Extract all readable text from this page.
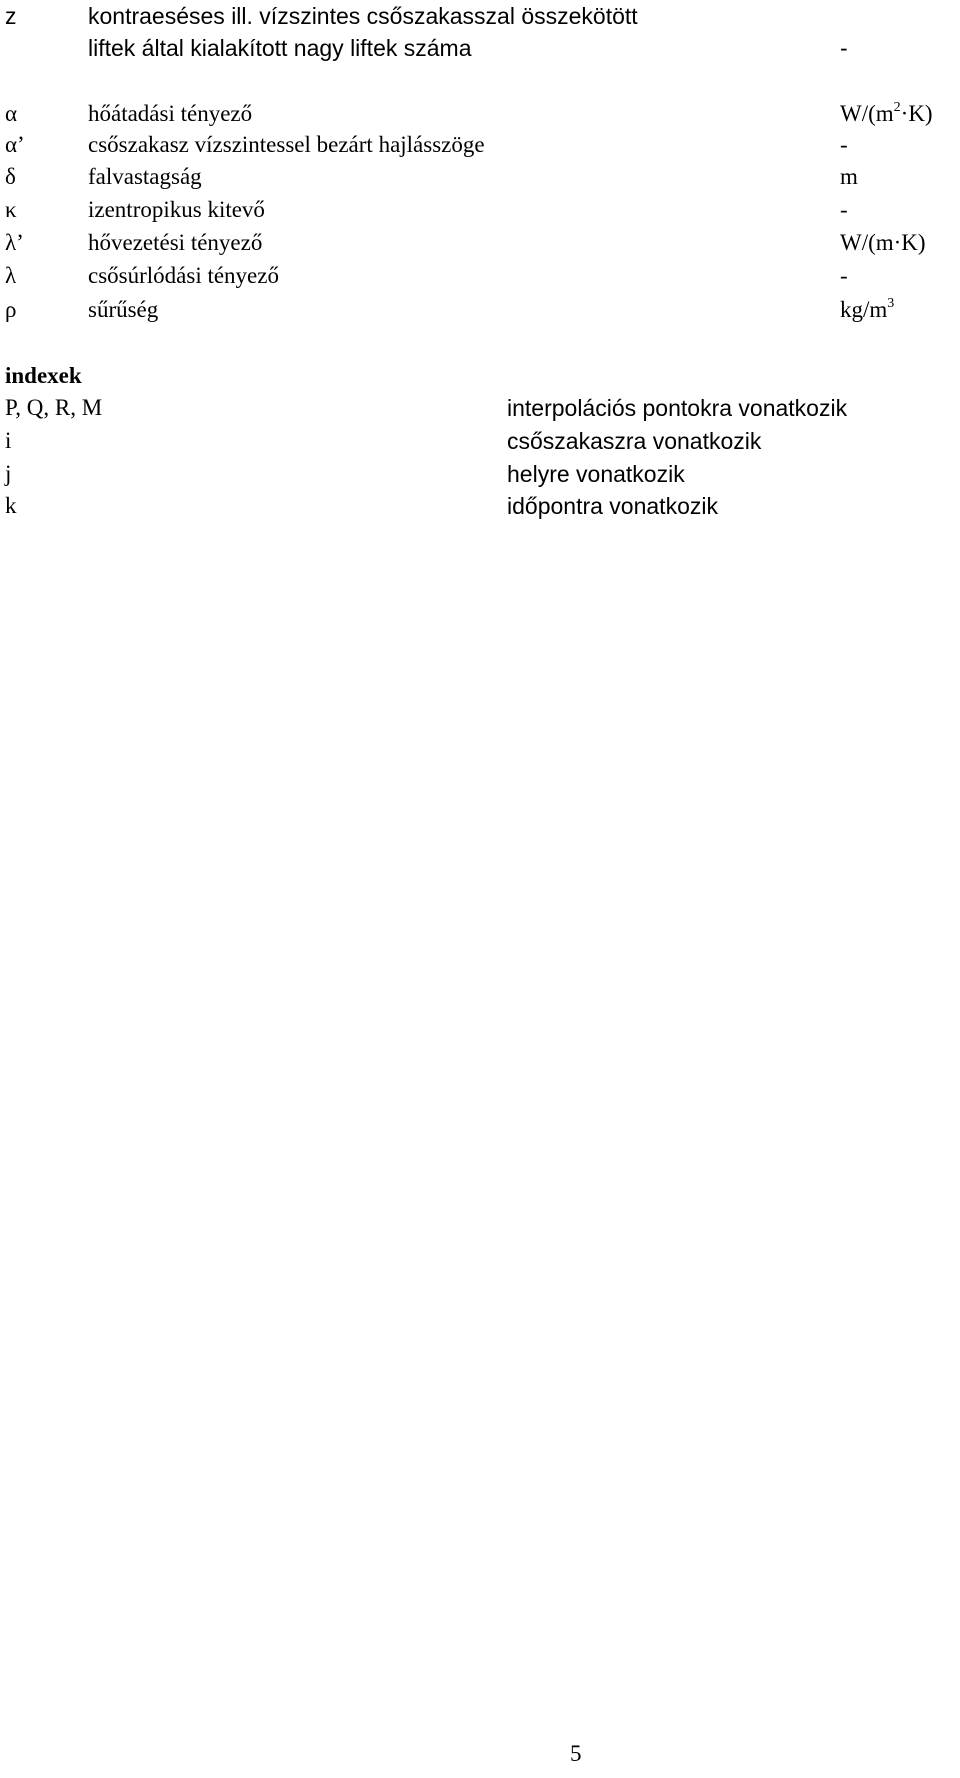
z	kontraeséses ill. vízszintes csőszakasszal összekötött
liftek által kialakított nagy liftek száma	-
α	hőátadási tényező	$W/(m^2\cdot K)$
α’	csőszakasz vízszintessel bezárt hajlásszöge	-
δ	falvastagság	m
κ	izentropikus kitevő	-
λ’	hővezetési tényező	W/(m·K)
λ	csősúrlódási tényező	-
ρ	sűrűség	$kg/m^3$
indexek
P, Q, R, M	interpolációs pontokra vonatkozik
i	csőszakaszra vonatkozik
j	helyre vonatkozik
k	időpontra vonatkozik
5
